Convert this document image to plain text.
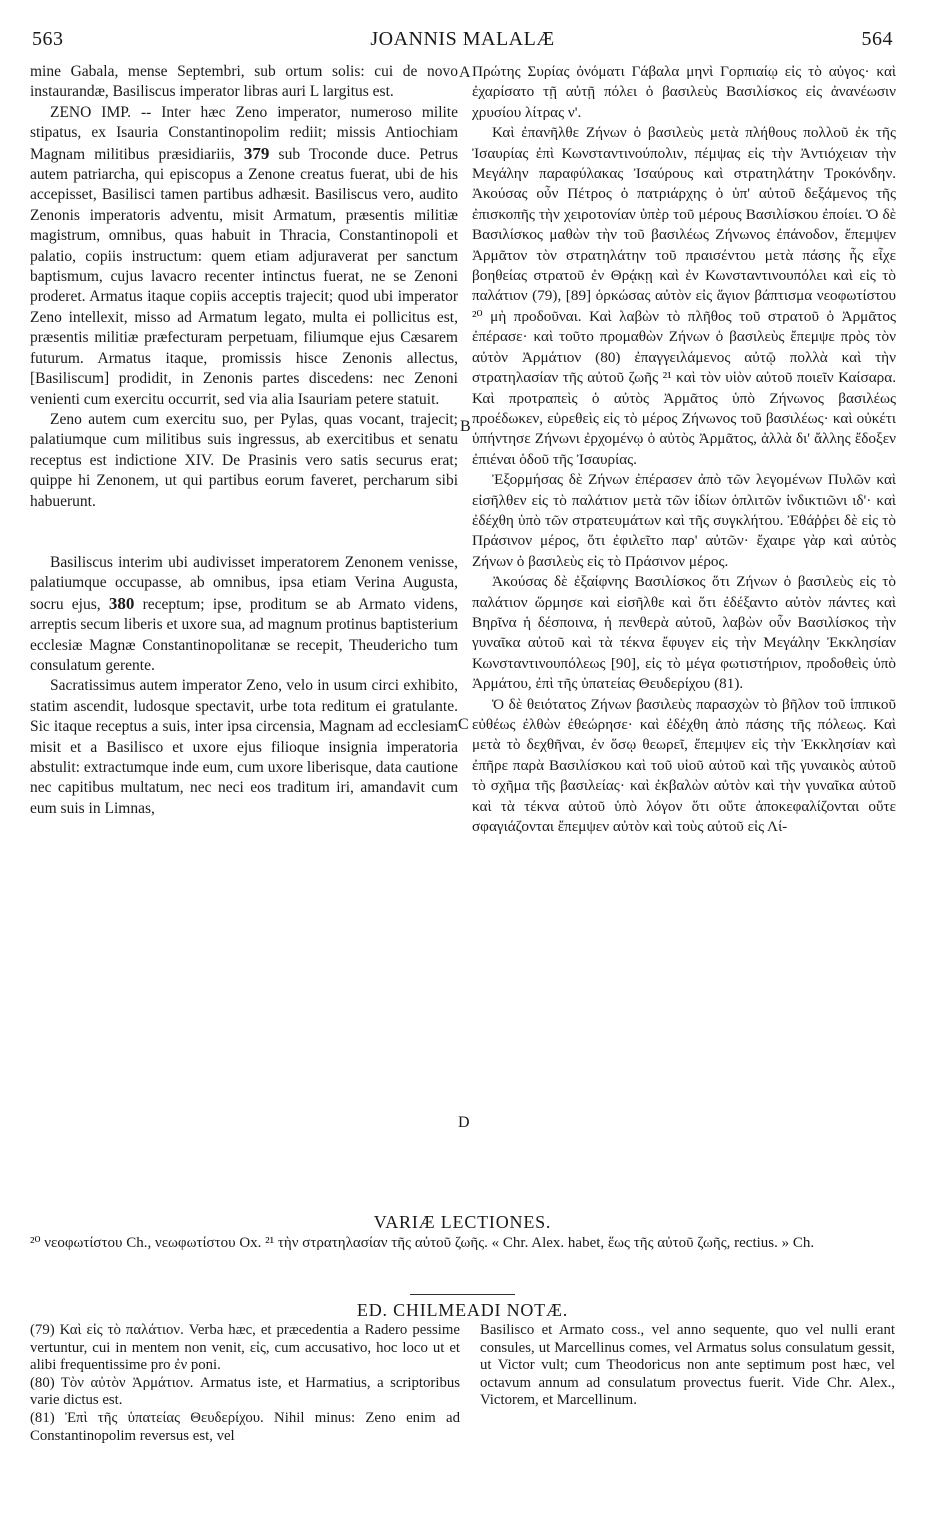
563	JOANNIS MALALÆ	564

mine Gabala, mense Septembri, sub ortum solis: cui de novo instaurandæ, Basiliscus imperator libras auri L largitus est.

ZENO IMP. -- Inter hæc Zeno imperator, numeroso milite stipatus, ex Isauria Constantinopolim rediit; missis Antiochiam Magnam militibus præsidiariis, 379 sub Troconde duce. Petrus autem patriarcha, qui episcopus a Zenone creatus fuerat, ubi de his accepisset, Basilisci tamen partibus adhæsit. Basiliscus vero, audito Zenonis imperatoris adventu, misit Armatum, præsentis militiæ magistrum, omnibus, quas habuit in Thracia, Constantinopoli et palatio, copiis instructum: quem etiam adjuraverat per sanctum baptismum, cujus lavacro recenter intinctus fuerat, ne se Zenoni proderet. Armatus itaque copiis acceptis trajecit; quod ubi imperator Zeno intellexit, misso ad Armatum legato, multa ei pollicitus est, præsentis militiæ præfecturam perpetuam, filiumque ejus Cæsarem futurum. Armatus itaque, promissis hisce Zenonis allectus, [Basiliscum] prodidit, in Zenonis partes discedens: nec Zenoni venienti cum exercitu occurrit, sed via alia Isauriam petere statuit.

Zeno autem cum exercitu suo, per Pylas, quas vocant, trajecit; palatiumque cum militibus suis ingressus, ab exercitibus et senatu receptus est indictione XIV. De Prasinis vero satis securus erat; quippe hi Zenonem, ut qui partibus eorum faveret, percharum sibi habuerunt.

Basiliscus interim ubi audivisset imperatorem Zenonem venisse, palatiumque occupasse, ab omnibus, ipsa etiam Verina Augusta, socru ejus, 380 receptum; ipse, proditum se ab Armato videns, arreptis secum liberis et uxore sua, ad magnum protinus baptisterium ecclesiæ Magnæ Constantinopolitanæ se recepit, Theuderichо tum consulatum gerente.

Sacratissimus autem imperator Zeno, velo in usum circi exhibito, statim ascendit, ludosque spectavit, urbe tota reditum ei gratulante. Sic itaque receptus a suis, inter ipsa circensia, Magnam ad ecclesiam misit et a Basilisco et uxore ejus filioque insignia imperatoria abstulit: extractumque inde eum, cum uxore liberisque, data cautione nec capitibus multatum, nec neci eos traditum iri, amandavit cum eum suis in Limnas,

A
B
C
D

Πρώτης Συρίας ὀνόματι Γάβαλα μηνὶ Γορπιαίῳ εἰς τὸ αὐγος· καὶ ἐχαρίσατο τῇ αὐτῇ πόλει ὁ βασιλεὺς Βασιλίσκος εἰς ἀνανέωσιν χρυσίου λίτρας ν'.

Καὶ ἐπανῆλθε Ζήνων ὁ βασιλεὺς μετὰ πλήθους πολλοῦ ἐκ τῆς Ἰσαυρίας ἐπὶ Κωνσταντινούπολιν, πέμψας εἰς τὴν Ἀντιόχειαν τὴν Μεγάλην παραφύλακας Ἰσαύρους καὶ στρατηλάτην Τροκόνδην. Ἀκούσας οὖν Πέτρος ὁ πατριάρχης ὁ ὑπ' αὐτοῦ δεξάμενος τῆς ἐπισκοπῆς τὴν χειροτονίαν ὑπὲρ τοῦ μέρους Βασιλίσκου ἐποίει. Ὁ δὲ Βασιλίσκος μαθὼν τὴν τοῦ βασιλέως Ζήνωνος ἐπάνοδον, ἔπεμψεν Ἀρμᾶτον τὸν στρατηλάτην τοῦ πραισέντου μετὰ πάσης ἧς εἶχε βοηθείας στρατοῦ ἐν Θρᾴκῃ καὶ ἐν Κωνσταντινουπόλει καὶ εἰς τὸ παλάτιον (79), [89] ὁρκώσας αὐτὸν εἰς ἅγιον βάπτισμα νεοφωτίστου ²⁰ μὴ προδοῦναι. Καὶ λαβὼν τὸ πλῆθος τοῦ στρατοῦ ὁ Ἀρμᾶτος ἐπέρασε· καὶ τοῦτο προμαθὼν Ζήνων ὁ βασιλεὺς ἔπεμψε πρὸς τὸν αὐτὸν Ἀρμάτιον (80) ἐπαγγειλάμενος αὐτῷ πολλὰ καὶ τὴν στρατηλασίαν τῆς αὐτοῦ ζωῆς ²¹ καὶ τὸν υἱὸν αὐτοῦ ποιεῖν Καίσαρα. Καὶ προτραπεὶς ὁ αὐτὸς Ἀρμᾶτος ὑπὸ Ζήνωνος βασιλέως προέδωκεν, εὑρεθεὶς εἰς τὸ μέρος Ζήνωνος τοῦ βασιλέως· καὶ οὐκέτι ὑπήντησε Ζήνωνι ἐρχομένῳ ὁ αὐτὸς Ἀρμᾶτος, ἀλλὰ δι' ἄλλης ἔδοξεν ἐπιέναι ὁδοῦ τῆς Ἰσαυρίας.

Ἐξορμήσας δὲ Ζήνων ἐπέρασεν ἀπὸ τῶν λεγομένων Πυλῶν καὶ εἰσῆλθεν εἰς τὸ παλάτιον μετὰ τῶν ἰδίων ὁπλιτῶν ἰνδικτιῶνι ιδ'· καὶ ἐδέχθη ὑπὸ τῶν στρατευμάτων καὶ τῆς συγκλήτου. Ἐθάῤῥει δὲ εἰς τὸ Πράσινον μέρος, ὅτι ἐφιλεῖτο παρ' αὐτῶν· ἔχαιρε γὰρ καὶ αὐτὸς Ζήνων ὁ βασιλεὺς εἰς τὸ Πράσινον μέρος.

Ἀκούσας δὲ ἐξαίφνης Βασιλίσκος ὅτι Ζήνων ὁ βασιλεὺς εἰς τὸ παλάτιον ὥρμησε καὶ εἰσῆλθε καὶ ὅτι ἐδέξαντο αὐτὸν πάντες καὶ Βηρῖνα ἡ δέσποινα, ἡ πενθερὰ αὐτοῦ, λαβὼν οὖν Βασιλίσκος τὴν γυναῖκα αὐτοῦ καὶ τὰ τέκνα ἔφυγεν εἰς τὴν Μεγάλην Ἐκκλησίαν Κωνσταντινουπόλεως [90], εἰς τὸ μέγα φωτιστήριον, προδοθεὶς ὑπὸ Ἀρμάτου, ἐπὶ τῆς ὑπατείας Θευδερίχου (81).

Ὁ δὲ θειότατος Ζήνων βασιλεὺς παρασχὼν τὸ βῆλον τοῦ ἱππικοῦ εὐθέως ἐλθὼν ἐθεώρησε· καὶ ἐδέχθη ἀπὸ πάσης τῆς πόλεως. Καὶ μετὰ τὸ δεχθῆναι, ἐν ὅσῳ θεωρεῖ, ἔπεμψεν εἰς τὴν Ἐκκλησίαν καὶ ἐπῆρε παρὰ Βασιλίσκου καὶ τοῦ υἱοῦ αὐτοῦ καὶ τῆς γυναικὸς αὐτοῦ τὸ σχῆμα τῆς βασιλείας· καὶ ἐκβαλὼν αὐτὸν καὶ τὴν γυναῖκα αὐτοῦ καὶ τὰ τέκνα αὐτοῦ ὑπὸ λόγον ὅτι οὔτε ἀποκεφαλίζονται οὔτε σφαγιάζονται ἔπεμψεν αὐτὸν καὶ τοὺς αὐτοῦ εἰς Λί-

VARIÆ LECTIONES.
²⁰ νεοφωτίστου Ch., νεωφωτίστου Ox. ²¹ τὴν στρατηλασίαν τῆς αὐτοῦ ζωῆς. « Chr. Alex. habet, ἕως τῆς αὐτοῦ ζωῆς, rectius. » Ch.
ED. CHILMEADI NOTÆ.

(79) Καὶ εἰς τὸ παλάτιον. Verba hæc, et præcedentia a Radero pessime vertuntur, cui in mentem non venit, εἰς, cum accusativo, hoc loco ut et alibi frequentissime pro ἐν poni.

(80) Τὸν αὐτὸν Ἀρμάτιον. Armatus iste, et Harmatius, a scriptoribus varie dictus est.

(81) Ἐπὶ τῆς ὑπατείας Θευδερίχου. Nihil minus: Zeno enim ad Constantinopolim reversus est, vel

Basilisco et Armato coss., vel anno sequente, quo vel nulli erant consules, ut Marcellinus comes, vel Armatus solus consulatum gessit, ut Victor vult; cum Theodoricus non ante septimum post hæc, vel octavum annum ad consulatum provectus fuerit. Vide Chr. Alex., Victorem, et Marcellinum.
